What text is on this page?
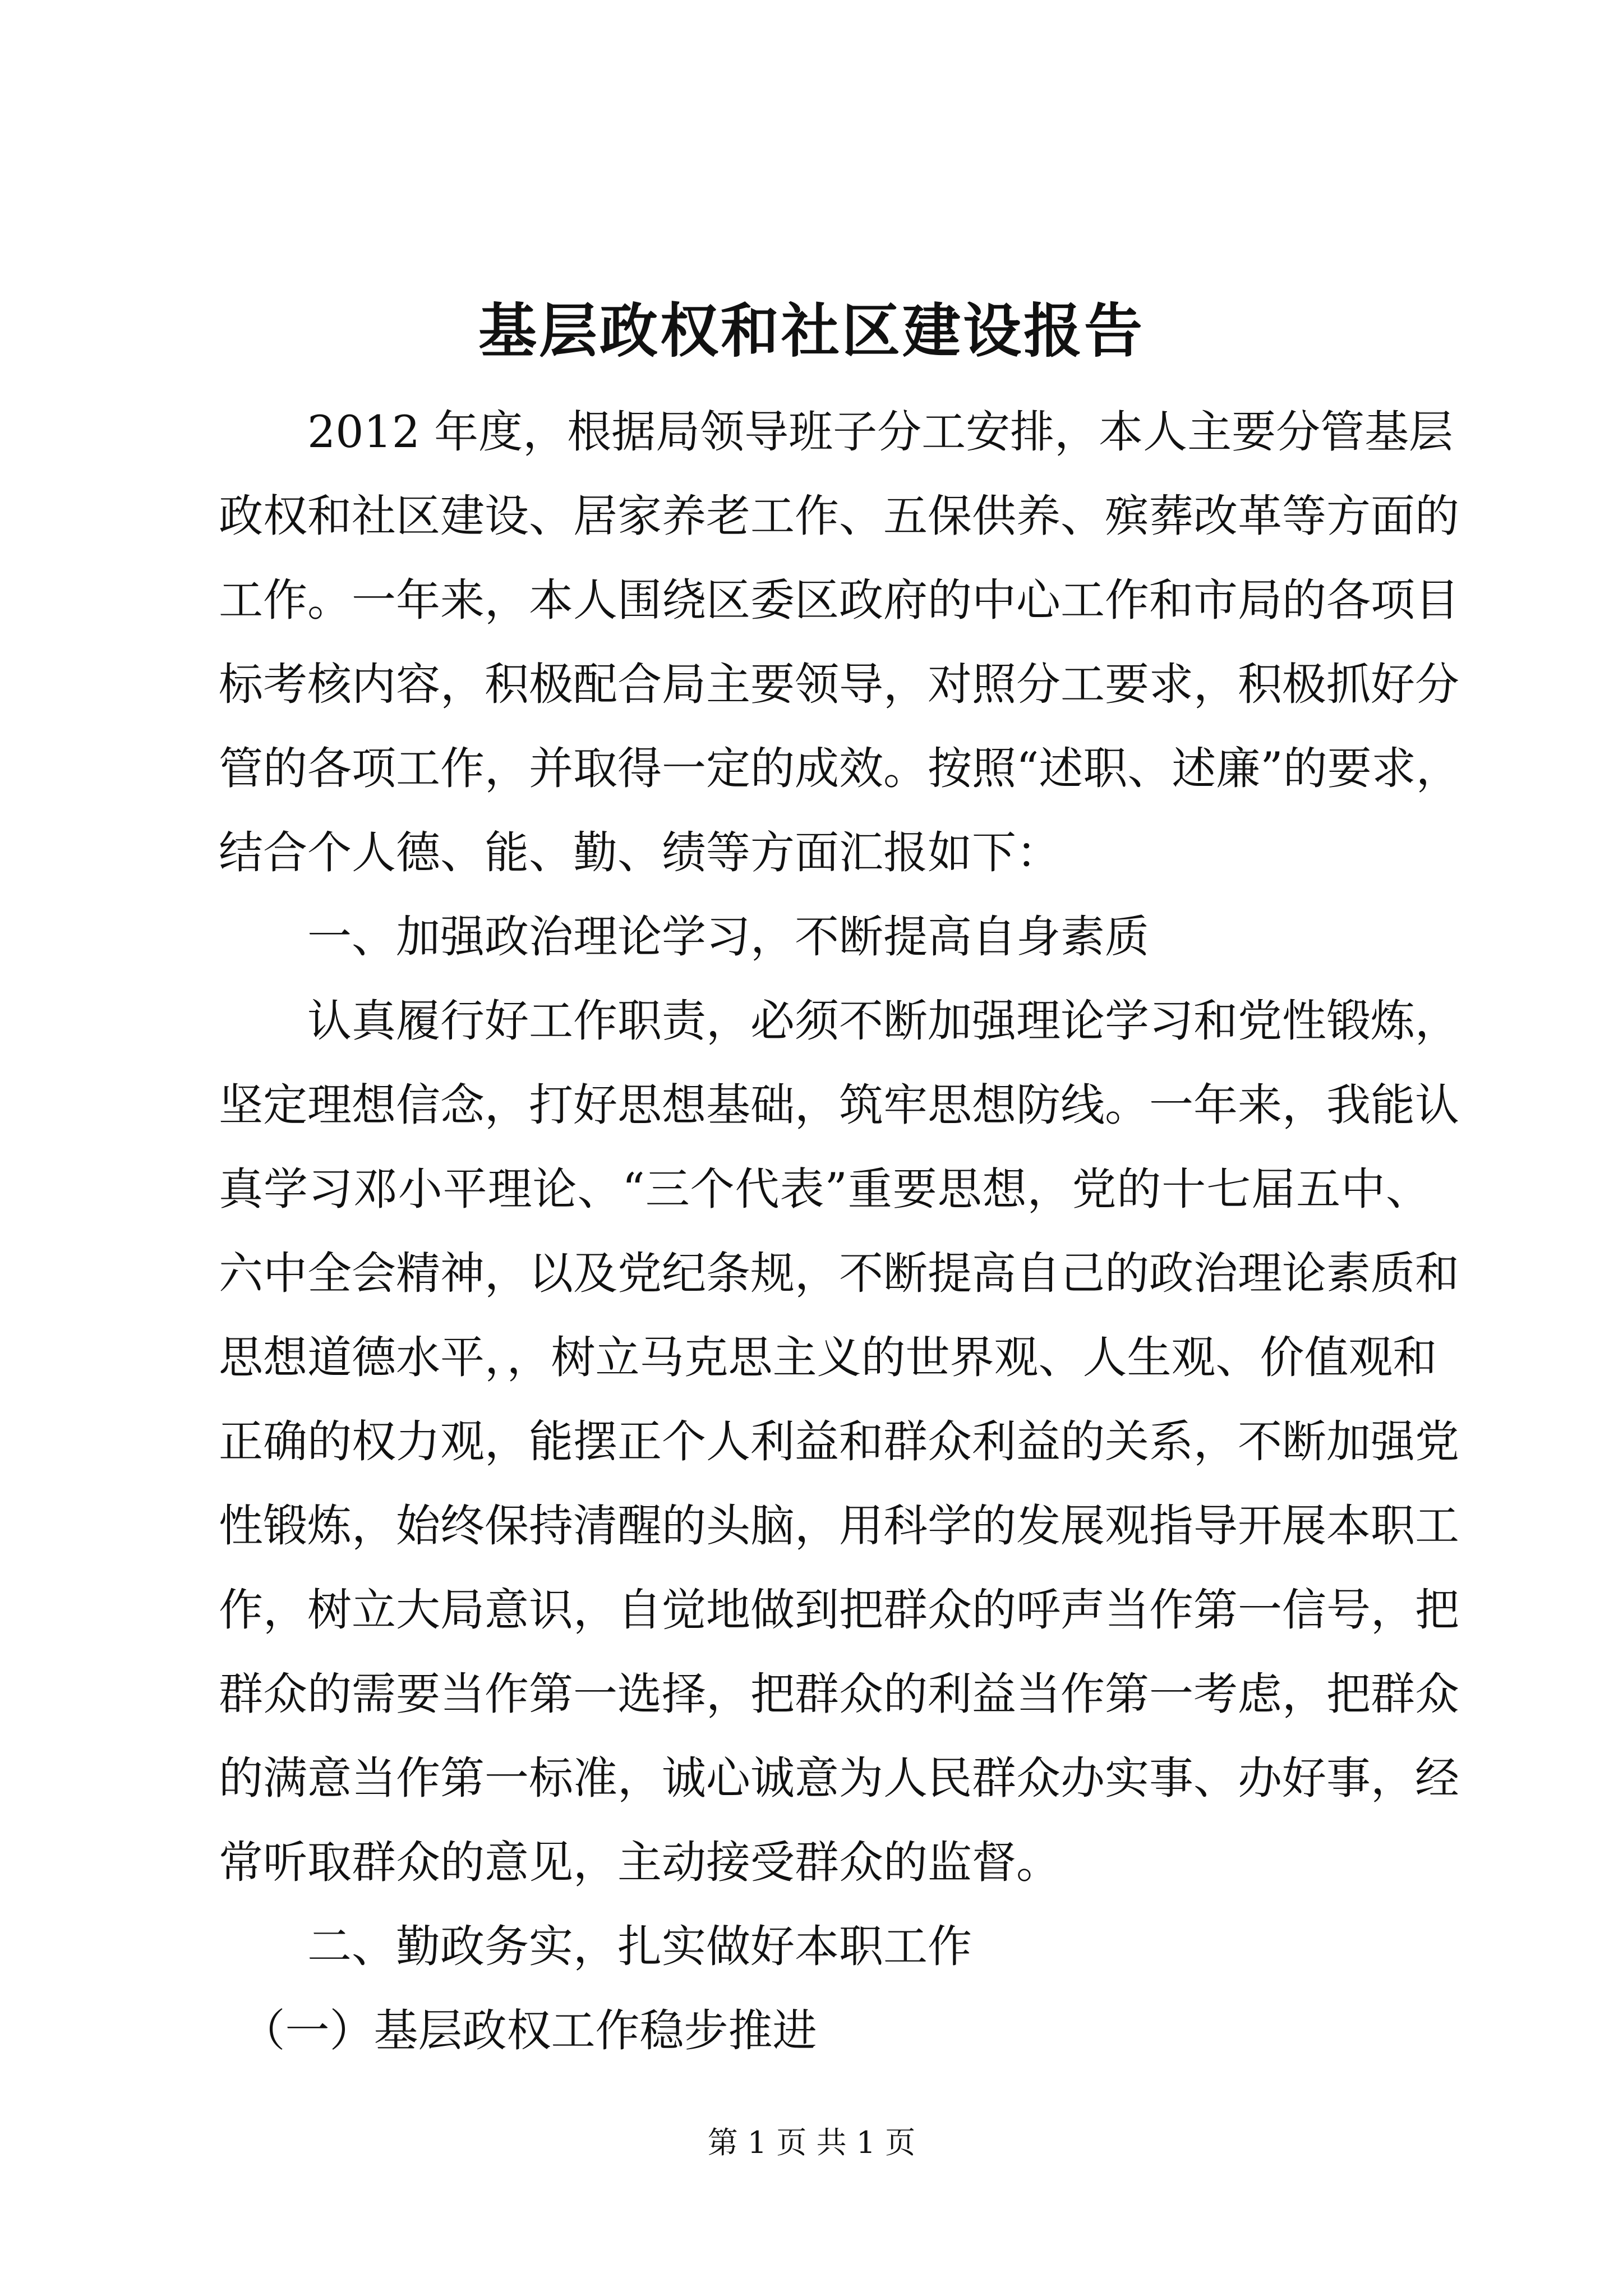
基层政权和社区建设报告
　　2012 年度，根据局领导班子分工安排，本人主要分管基层
政权和社区建设、居家养老工作、五保供养、殡葬改革等方面的
工作。一年来，本人围绕区委区政府的中心工作和市局的各项目
标考核内容，积极配合局主要领导，对照分工要求，积极抓好分
管的各项工作，并取得一定的成效。按照“述职、述廉”的要求，
结合个人德、能、勤、绩等方面汇报如下：
　　一、加强政治理论学习，不断提高自身素质
　　认真履行好工作职责，必须不断加强理论学习和党性锻炼，
坚定理想信念，打好思想基础，筑牢思想防线。一年来，我能认
真学习邓小平理论、“三个代表”重要思想，党的十七届五中、
六中全会精神，以及党纪条规，不断提高自己的政治理论素质和
思想道德水平，，树立马克思主义的世界观、人生观、价值观和
正确的权力观，能摆正个人利益和群众利益的关系，不断加强党
性锻炼，始终保持清醒的头脑，用科学的发展观指导开展本职工
作，树立大局意识，自觉地做到把群众的呼声当作第一信号，把
群众的需要当作第一选择，把群众的利益当作第一考虑，把群众
的满意当作第一标准，诚心诚意为人民群众办实事、办好事，经
常听取群众的意见，主动接受群众的监督。
　　二、勤政务实，扎实做好本职工作
　（一）基层政权工作稳步推进
第 1 页 共 1 页
